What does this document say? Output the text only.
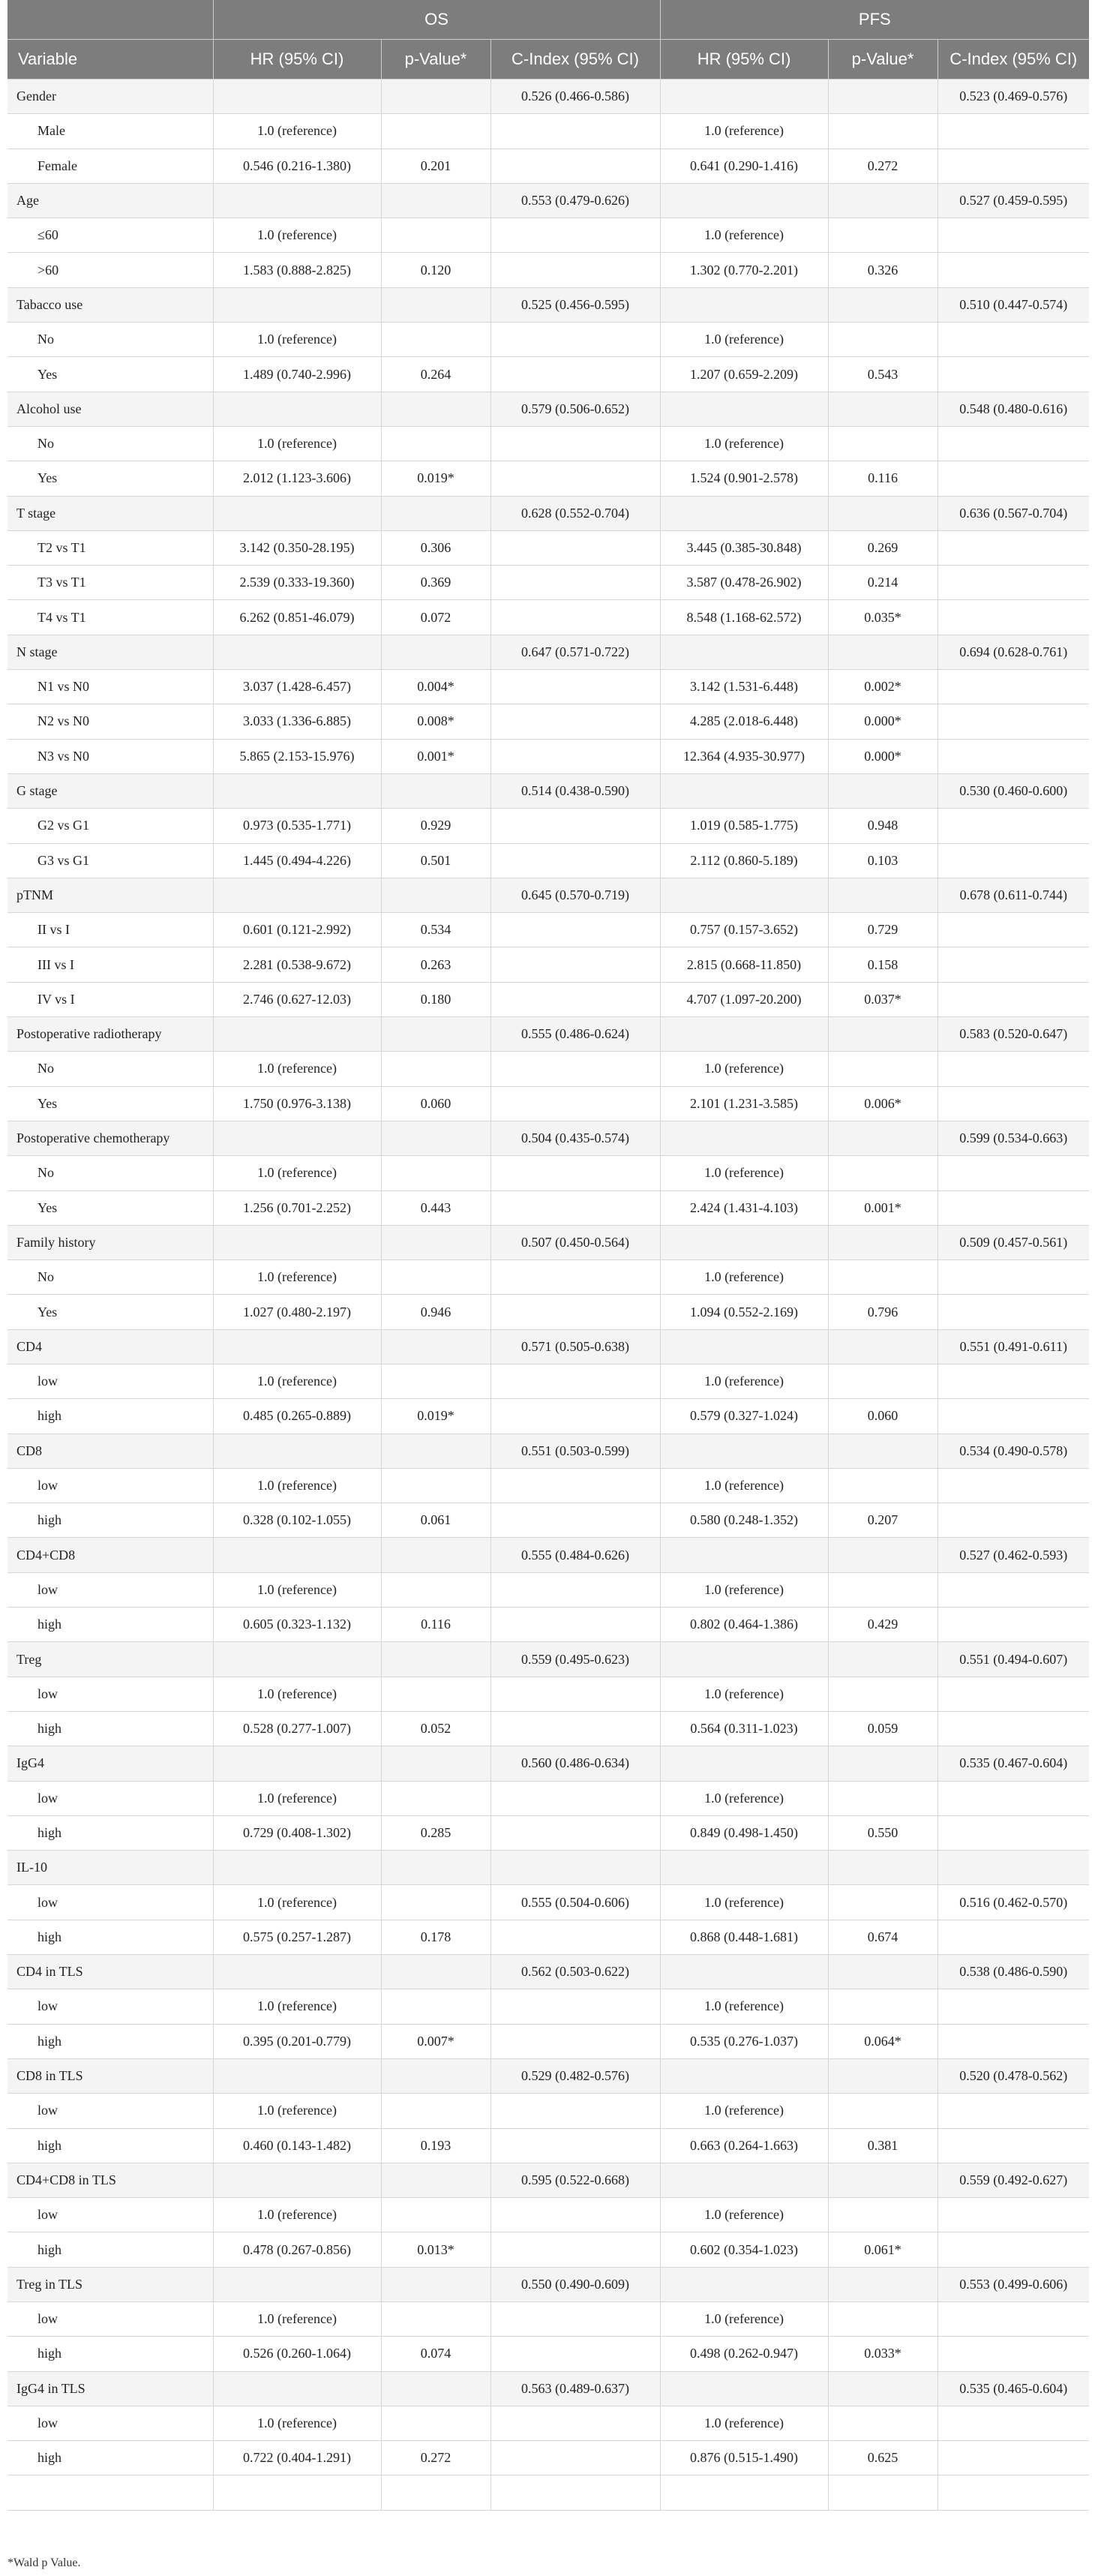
	OS			PFS		
Variable	HR (95% CI)	p-Value*	C-Index (95% CI)	HR (95% CI)	p-Value*	C-Index (95% CI)
Gender			0.526 (0.466-0.586)			0.523 (0.469-0.576)
Male	1.0 (reference)			1.0 (reference)		
Female	0.546 (0.216-1.380)	0.201		0.641 (0.290-1.416)	0.272	
Age			0.553 (0.479-0.626)			0.527 (0.459-0.595)
≤60	1.0 (reference)			1.0 (reference)		
>60	1.583 (0.888-2.825)	0.120		1.302 (0.770-2.201)	0.326	
Tabacco use			0.525 (0.456-0.595)			0.510 (0.447-0.574)
No	1.0 (reference)			1.0 (reference)		
Yes	1.489 (0.740-2.996)	0.264		1.207 (0.659-2.209)	0.543	
Alcohol use			0.579 (0.506-0.652)			0.548 (0.480-0.616)
No	1.0 (reference)			1.0 (reference)		
Yes	2.012 (1.123-3.606)	0.019*		1.524 (0.901-2.578)	0.116	
T stage			0.628 (0.552-0.704)			0.636 (0.567-0.704)
T2 vs T1	3.142 (0.350-28.195)	0.306		3.445 (0.385-30.848)	0.269	
T3 vs T1	2.539 (0.333-19.360)	0.369		3.587 (0.478-26.902)	0.214	
T4 vs T1	6.262 (0.851-46.079)	0.072		8.548 (1.168-62.572)	0.035*	
N stage			0.647 (0.571-0.722)			0.694 (0.628-0.761)
N1 vs N0	3.037 (1.428-6.457)	0.004*		3.142 (1.531-6.448)	0.002*	
N2 vs N0	3.033 (1.336-6.885)	0.008*		4.285 (2.018-6.448)	0.000*	
N3 vs N0	5.865 (2.153-15.976)	0.001*		12.364 (4.935-30.977)	0.000*	
G stage			0.514 (0.438-0.590)			0.530 (0.460-0.600)
G2 vs G1	0.973 (0.535-1.771)	0.929		1.019 (0.585-1.775)	0.948	
G3 vs G1	1.445 (0.494-4.226)	0.501		2.112 (0.860-5.189)	0.103	
pTNM			0.645 (0.570-0.719)			0.678 (0.611-0.744)
II vs I	0.601 (0.121-2.992)	0.534		0.757 (0.157-3.652)	0.729	
III vs I	2.281 (0.538-9.672)	0.263		2.815 (0.668-11.850)	0.158	
IV vs I	2.746 (0.627-12.03)	0.180		4.707 (1.097-20.200)	0.037*	
Postoperative radiotherapy			0.555 (0.486-0.624)			0.583 (0.520-0.647)
No	1.0 (reference)			1.0 (reference)		
Yes	1.750 (0.976-3.138)	0.060		2.101 (1.231-3.585)	0.006*	
Postoperative chemotherapy			0.504 (0.435-0.574)			0.599 (0.534-0.663)
No	1.0 (reference)			1.0 (reference)		
Yes	1.256 (0.701-2.252)	0.443		2.424 (1.431-4.103)	0.001*	
Family history			0.507 (0.450-0.564)			0.509 (0.457-0.561)
No	1.0 (reference)			1.0 (reference)		
Yes	1.027 (0.480-2.197)	0.946		1.094 (0.552-2.169)	0.796	
CD4			0.571 (0.505-0.638)			0.551 (0.491-0.611)
low	1.0 (reference)			1.0 (reference)		
high	0.485 (0.265-0.889)	0.019*		0.579 (0.327-1.024)	0.060	
CD8			0.551 (0.503-0.599)			0.534 (0.490-0.578)
low	1.0 (reference)			1.0 (reference)		
high	0.328 (0.102-1.055)	0.061		0.580 (0.248-1.352)	0.207	
CD4+CD8			0.555 (0.484-0.626)			0.527 (0.462-0.593)
low	1.0 (reference)			1.0 (reference)		
high	0.605 (0.323-1.132)	0.116		0.802 (0.464-1.386)	0.429	
Treg			0.559 (0.495-0.623)			0.551 (0.494-0.607)
low	1.0 (reference)			1.0 (reference)		
high	0.528 (0.277-1.007)	0.052		0.564 (0.311-1.023)	0.059	
IgG4			0.560 (0.486-0.634)			0.535 (0.467-0.604)
low	1.0 (reference)			1.0 (reference)		
high	0.729 (0.408-1.302)	0.285		0.849 (0.498-1.450)	0.550	
IL-10						
low	1.0 (reference)		0.555 (0.504-0.606)	1.0 (reference)		0.516 (0.462-0.570)
high	0.575 (0.257-1.287)	0.178		0.868 (0.448-1.681)	0.674	
CD4 in TLS			0.562 (0.503-0.622)			0.538 (0.486-0.590)
low	1.0 (reference)			1.0 (reference)		
high	0.395 (0.201-0.779)	0.007*		0.535 (0.276-1.037)	0.064*	
CD8 in TLS			0.529 (0.482-0.576)			0.520 (0.478-0.562)
low	1.0 (reference)			1.0 (reference)		
high	0.460 (0.143-1.482)	0.193		0.663 (0.264-1.663)	0.381	
CD4+CD8 in TLS			0.595 (0.522-0.668)			0.559 (0.492-0.627)
low	1.0 (reference)			1.0 (reference)		
high	0.478 (0.267-0.856)	0.013*		0.602 (0.354-1.023)	0.061*	
Treg in TLS			0.550 (0.490-0.609)			0.553 (0.499-0.606)
low	1.0 (reference)			1.0 (reference)		
high	0.526 (0.260-1.064)	0.074		0.498 (0.262-0.947)	0.033*	
IgG4 in TLS			0.563 (0.489-0.637)			0.535 (0.465-0.604)
low	1.0 (reference)			1.0 (reference)		
high	0.722 (0.404-1.291)	0.272		0.876 (0.515-1.490)	0.625	

*Wald p Value.
